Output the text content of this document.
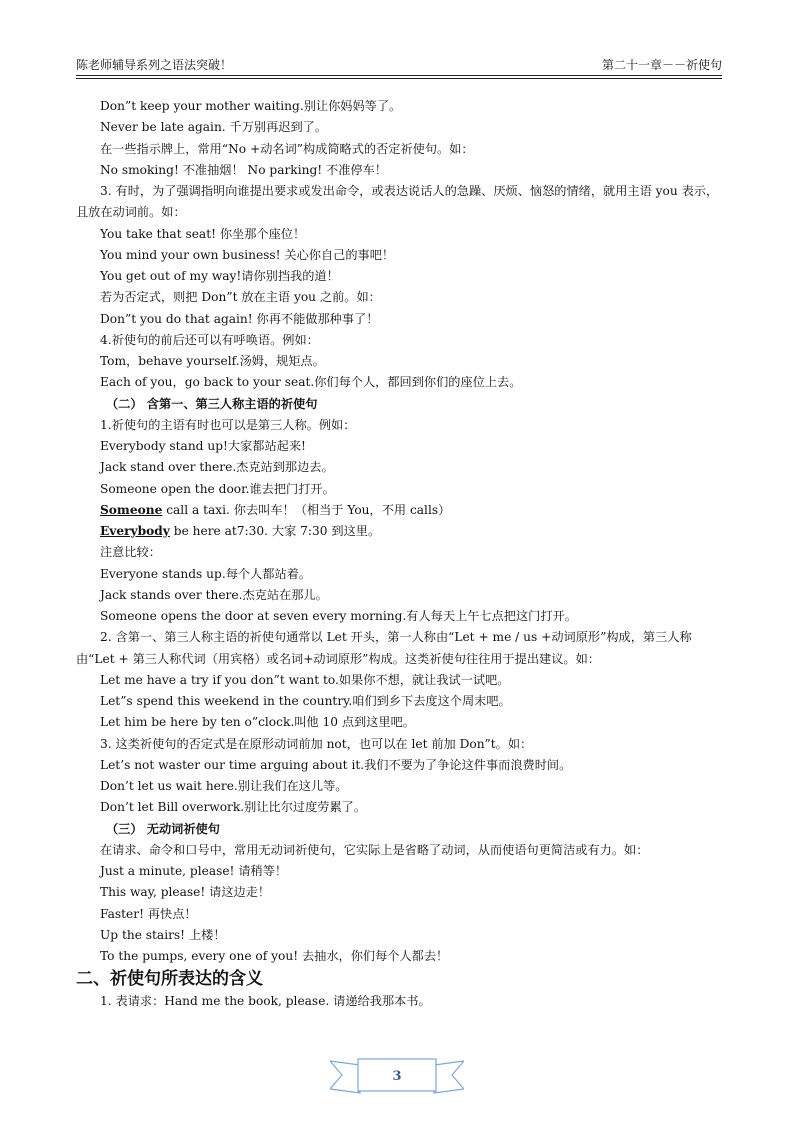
陈老师辅导系列之语法突破！	第二十一章－－祈使句
Don”t keep your mother waiting.别让你妈妈等了。
Never be late again. 千万别再迟到了。
在一些指示牌上，常用“No +动名词”构成简略式的否定祈使句。如：
No smoking! 不准抽烟！ No parking! 不准停车！
3. 有时，为了强调指明向谁提出要求或发出命令，或表达说话人的急躁、厌烦、恼怒的情绪，就用主语 you 表示，且放在动词前。如：
You take that seat! 你坐那个座位！
You mind your own business! 关心你自己的事吧！
You get out of my way!请你别挡我的道！
若为否定式，则把 Don”t 放在主语 you 之前。如：
Don”t you do that again! 你再不能做那种事了！
4.祈使句的前后还可以有呼唤语。例如：
Tom，behave yourself.汤姆，规矩点。
Each of you，go back to your seat.你们每个人，都回到你们的座位上去。
（二） 含第一、第三人称主语的祈使句
1.祈使句的主语有时也可以是第三人称。例如：
Everybody stand up!大家都站起来!
Jack stand over there.杰克站到那边去。
Someone open the door.谁去把门打开。
Someone call a taxi. 你去叫车！（相当于 You，不用 calls）
Everybody be here at7:30. 大家 7:30 到这里。
注意比较：
Everyone stands up.每个人都站着。
Jack stands over there.杰克站在那儿。
Someone opens the door at seven every morning.有人每天上午七点把这门打开。
2. 含第一、第三人称主语的祈使句通常以 Let 开头，第一人称由“Let + me / us +动词原形”构成，第三人称由“Let + 第三人称代词（用宾格）或名词+动词原形”构成。这类祈使句往往用于提出建议。如：
Let me have a try if you don”t want to.如果你不想，就让我试一试吧。
Let”s spend this weekend in the country.咱们到乡下去度这个周末吧。
Let him be here by ten o”clock.叫他 10 点到这里吧。
3. 这类祈使句的否定式是在原形动词前加 not，也可以在 let 前加 Don”t。如：
Let’s not waster our time arguing about it.我们不要为了争论这件事而浪费时间。
Don’t let us wait here.别让我们在这儿等。
Don’t let Bill overwork.别让比尔过度劳累了。
（三） 无动词祈使句
在请求、命令和口号中，常用无动词祈使句，它实际上是省略了动词，从而使语句更简洁或有力。如：
Just a minute, please! 请稍等！
This way, please! 请这边走！
Faster! 再快点！
Up the stairs! 上楼！
To the pumps, every one of you! 去抽水，你们每个人都去！
二、祈使句所表达的含义
1. 表请求：Hand me the book, please. 请递给我那本书。
3
